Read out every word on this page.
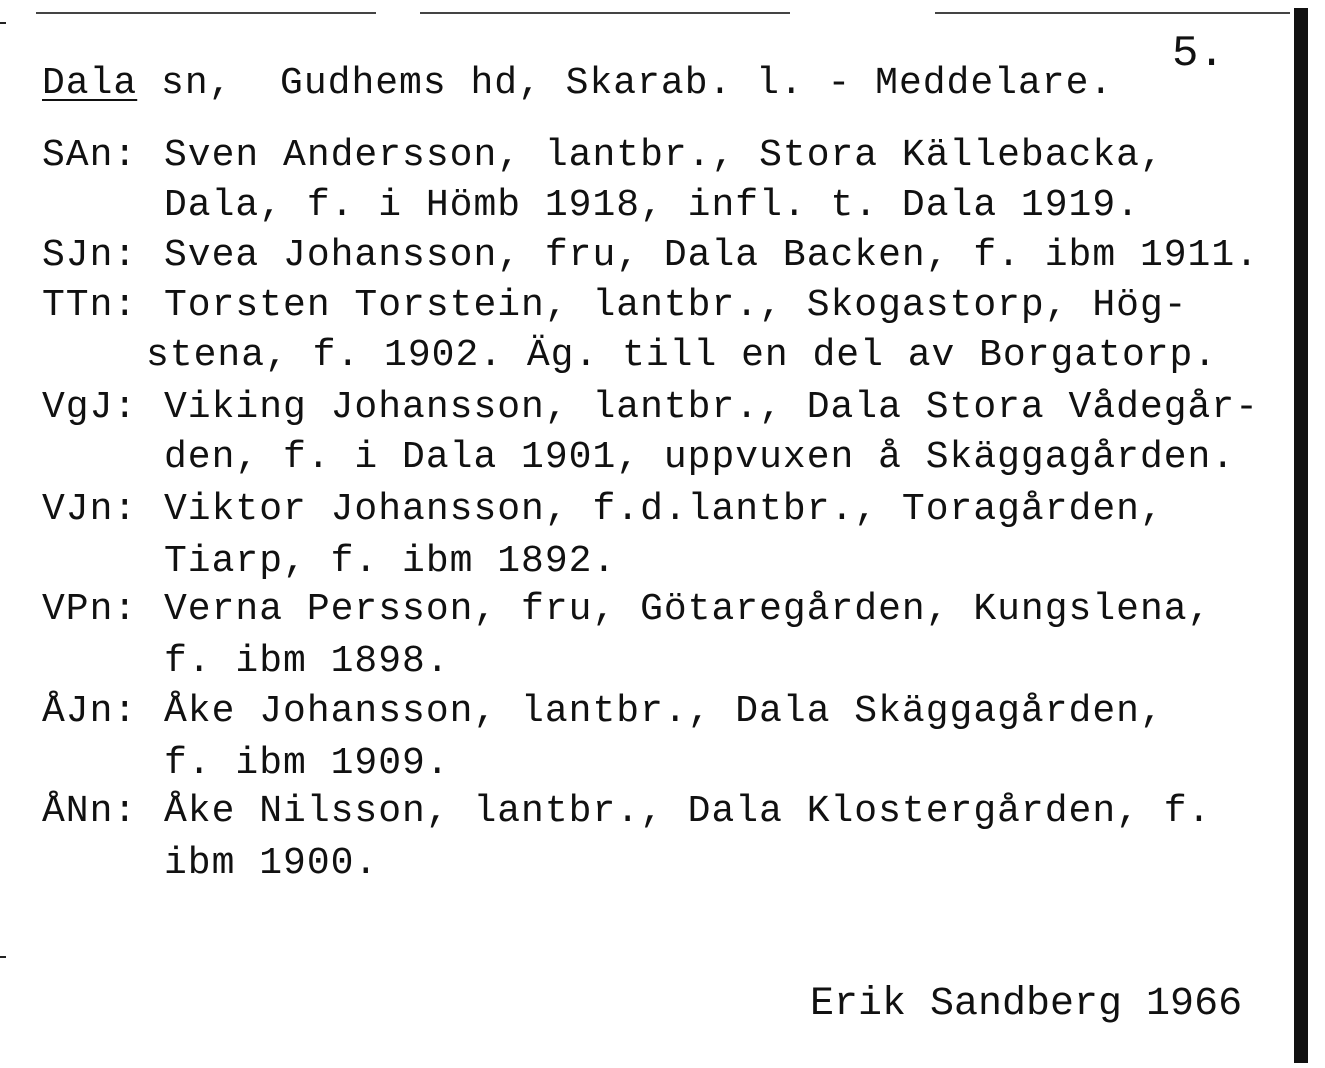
Dala sn,  Gudhems hd, Skarab. l. - Meddelare.
5.
SAn: Sven Andersson, lantbr., Stora Källebacka,
Dala, f. i Hömb 1918, infl. t. Dala 1919.
SJn: Svea Johansson, fru, Dala Backen, f. ibm 1911.
TTn: Torsten Torstein, lantbr., Skogastorp, Hög-
stena, f. 1902. Äg. till en del av Borgatorp.
VgJ: Viking Johansson, lantbr., Dala Stora Vådegår-
den, f. i Dala 1901, uppvuxen å Skäggagården.
VJn: Viktor Johansson, f.d.lantbr., Toragården,
Tiarp, f. ibm 1892.
VPn: Verna Persson, fru, Götaregården, Kungslena,
f. ibm 1898.
ÅJn: Åke Johansson, lantbr., Dala Skäggagården,
f. ibm 1909.
ÅNn: Åke Nilsson, lantbr., Dala Klostergården, f.
ibm 1900.
Erik Sandberg 1966
